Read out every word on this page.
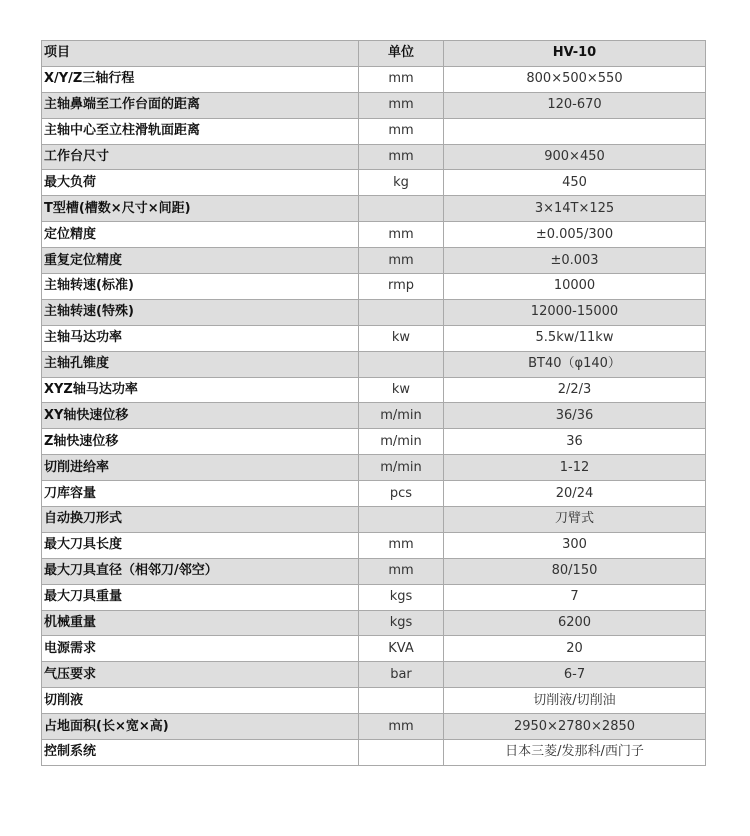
项目	单位	HV-10
X/Y/Z三轴行程	mm	800×500×550
主轴鼻端至工作台面的距离	mm	120-670
主轴中心至立柱滑轨面距离	mm	
工作台尺寸	mm	900×450
最大负荷	kg	450
T型槽(槽数×尺寸×间距)		3×14T×125
定位精度	mm	±0.005/300
重复定位精度	mm	±0.003
主轴转速(标准)	rmp	10000
主轴转速(特殊)		12000-15000
主轴马达功率	kw	5.5kw/11kw
主轴孔锥度		BT40（φ140）
XYZ轴马达功率	kw	2/2/3
XY轴快速位移	m/min	36/36
Z轴快速位移	m/min	36
切削进给率	m/min	1-12
刀库容量	pcs	20/24
自动换刀形式		刀臂式
最大刀具长度	mm	300
最大刀具直径（相邻刀/邻空）	mm	80/150
最大刀具重量	kgs	7
机械重量	kgs	6200
电源需求	KVA	20
气压要求	bar	6-7
切削液		切削液/切削油
占地面积(长×宽×高)	mm	2950×2780×2850
控制系统		日本三菱/发那科/西门子
